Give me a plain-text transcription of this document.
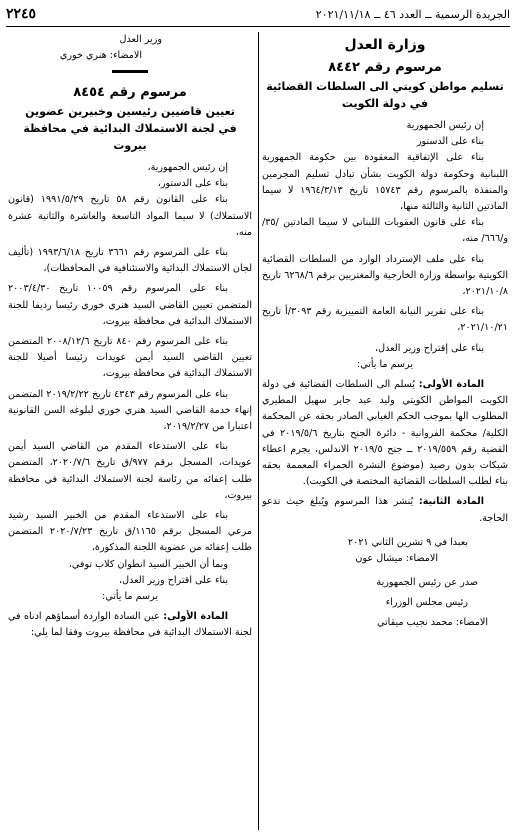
الجريدة الرسمية ــ العدد ٤٦ ــ ٢٠٢١/١١/١٨
٢٢٤٥
وزارة العدل
مرسوم رقم ٨٤٤٢
تسليم مواطن كويتي الى السلطات القضائية
في دولة الكويت

إن رئيس الجمهورية

بناء على الدستور

بناء على الإتفاقية المعقودة بين حكومة الجمهورية اللبنانية وحكومة دولة الكويت بشأن تبادل تسليم المجرمين والمنفذة بالمرسوم رقم ١٥٧٤٣ تاريخ ١٩٦٤/٣/١٣ لا سيما المادتين الثانية والثالثة منها،

بناء على قانون العقوبات اللبناني لا سيما المادتين /٣٥/ و/٦٦٦/ منه،

بناء على ملف الإسترداد الوارد من السلطات القضائية الكويتية بواسطة وزارة الخارجية والمغتربين برقم ٦٢٦٨/٦ تاريخ ٢٠٢١/١٠/٨،

بناء على تقرير النيابة العامة التمييزية رقم ٣٠٩٣/أ تاريخ ٢٠٢١/١٠/٢١،

بناء على إقتراح وزير العدل،

يرسم ما يأتي:

المادة الأولى: يُسلم الى السلطات القضائية في دولة الكويت المواطن الكويتي وليد عيد جابر سهيل المطيري المطلوب الها بموجب الحكم الغيابي الصادر بحقه عن المحكمة الكلية/ محكمة الفروانية - دائرة الجنح بتاريخ ٢٠١٩/٥/٦ في القضية رقم ٢٠١٩/٥٥٩ ــ جنح ٢٠١٩/٥ الاندلس، بجرم اعطاء شيكات بدون رصيد (موضوع النشرة الحمراء المعممة بحقه بناء لطلب السلطات القضائية المختصة في الكويت).

المادة الثانية: يُنشر هذا المرسوم ويُبلغ حيث تدعو الحاجة.

بعبدا في ٩ تشرين الثاني ٢٠٢١
الامضاء: ميشال عون
صدر عن رئيس الجمهورية
رئيس مجلس الوزراء
الامضاء: محمد نجيب ميقاتي
وزير العدل
الامضاء: هنري خوري
مرسوم رقم ٨٤٥٤
تعيين قاضيين رئيسين وخبيرين عضوين
في لجنة الاستملاك البدائية في محافظة بيروت

إن رئيس الجمهورية،

بناء على الدستور،

بناء على القانون رقم ٥٨ تاريخ ١٩٩١/٥/٢٩ (قانون الاستملاك) لا سيما المواد التاسعة والعاشرة والثانية عشرة منه،

بناء على المرسوم رقم ٣٦٦١ تاريخ ١٩٩٣/٦/١٨ (تأليف لجان الاستملاك البدائية والاستئنافية في المحافظات)،

بناء على المرسوم رقم ١٠٠٥٩ تاريخ ٢٠٠٣/٤/٣٠ المتضمن تعيين القاضي السيد هنري خوري رئيسا رديفا للجنة الاستملاك البدائية في محافظة بيروت،

بناء على المرسوم رقم ٨٤٠ تاريخ ٢٠٠٨/١٢/٦ المتضمن تعيين القاضي السيد أيمن عويدات رئيسا أصيلا للجنة الاستملاك البدائية في محافظة بيروت،

بناء على المرسوم رقم ٤٣٤٣ تاريخ ٢٠١٩/٢/٢٢ المتضمن إنهاء خدمة القاضي السيد هنري خوري لبلوغه السن القانونية اعتبارا من ٢٠١٩/٢/٢٧،

بناء على الاستدعاء المقدم من القاضي السيد أيمن عويدات، المسجل برقم ٩٧٧/ق تاريخ ٢٠٢٠/٧/٦، المتضمن طلب إعفائه من رئاسة لجنة الاستملاك البدائية في محافظة بيروت،

بناء على الاستدعاء المقدم من الخبير السيد رشيد مرعي المسجل برقم ١١٦٥/ق تاريخ ٢٠٢٠/٧/٢٣ المتضمن طلب إعفائه من عضوية اللجنة المذكورة،

وبما أن الخبير السيد انطوان كلاب توفي،

بناء على اقتراح وزير العدل،

يرسم ما يأتي:

المادة الأولى: عين السادة الواردة أسماؤهم ادناه في لجنة الاستملاك البدائية في محافظة بيروت وفقا لما يلي:
